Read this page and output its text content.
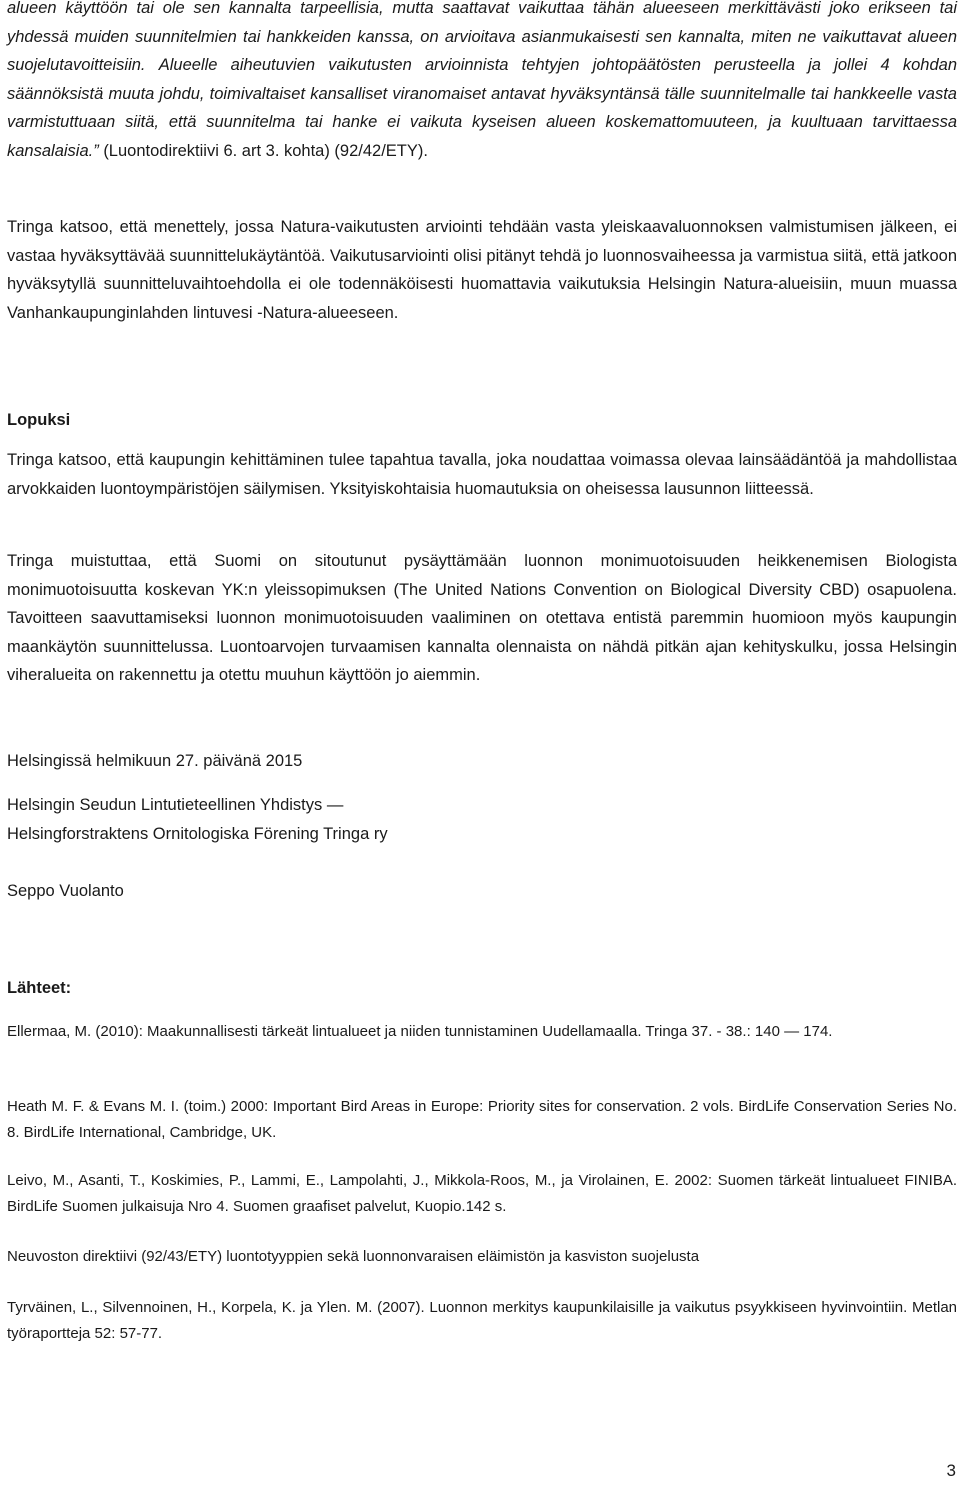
alueen käyttöön tai ole sen kannalta tarpeellisia, mutta saattavat vaikuttaa tähän alueeseen merkittävästi joko erikseen tai yhdessä muiden suunnitelmien tai hankkeiden kanssa, on arvioitava asianmukaisesti sen kannalta, miten ne vaikuttavat alueen suojelutavoitteisiin. Alueelle aiheutuvien vaikutusten arvioinnista tehtyjen johtopäätösten perusteella ja jollei 4 kohdan säännöksistä muuta johdu, toimivaltaiset kansalliset viranomaiset antavat hyväksyntänsä tälle suunnitelmalle tai hankkeelle vasta varmistuttuaan siitä, että suunnitelma tai hanke ei vaikuta kyseisen alueen koskemattomuuteen, ja kuultuaan tarvittaessa kansalaisia.” (Luontodirektiivi 6. art 3. kohta) (92/42/ETY).

Tringa katsoo, että menettely, jossa Natura-vaikutusten arviointi tehdään vasta yleiskaavaluonnoksen valmistumisen jälkeen, ei vastaa hyväksyttävää suunnittelukäytäntöä. Vaikutusarviointi olisi pitänyt tehdä jo luonnosvaiheessa ja varmistua siitä, että jatkoon hyväksytyllä suunnitteluvaihtoehdolla ei ole todennäköisesti huomattavia vaikutuksia Helsingin Natura-alueisiin, muun muassa Vanhankaupunginlahden lintuvesi -Natura-alueeseen.

Lopuksi

Tringa katsoo, että kaupungin kehittäminen tulee tapahtua tavalla, joka noudattaa voimassa olevaa lainsäädäntöä ja mahdollistaa arvokkaiden luontoympäristöjen säilymisen. Yksityiskohtaisia huomautuksia on oheisessa lausunnon liitteessä.

Tringa muistuttaa, että Suomi on sitoutunut pysäyttämään luonnon monimuotoisuuden heikkenemisen Biologista monimuotoisuutta koskevan YK:n yleissopimuksen (The United Nations Convention on Biological Diversity CBD) osapuolena. Tavoitteen saavuttamiseksi luonnon monimuotoisuuden vaaliminen on otettava entistä paremmin huomioon myös kaupungin maankäytön suunnittelussa. Luontoarvojen turvaamisen kannalta olennaista on nähdä pitkän ajan kehityskulku, jossa Helsingin viheralueita on rakennettu ja otettu muuhun käyttöön jo aiemmin.

Helsingissä helmikuun 27. päivänä 2015

Helsingin Seudun Lintutieteellinen Yhdistys —

Helsingforstraktens Ornitologiska Förening Tringa ry

Seppo Vuolanto

Lähteet:

Ellermaa, M. (2010): Maakunnallisesti tärkeät lintualueet ja niiden tunnistaminen Uudellamaalla. Tringa 37. - 38.: 140 — 174.

Heath M. F. & Evans M. I. (toim.) 2000: Important Bird Areas in Europe: Priority sites for conservation. 2 vols. BirdLife Conservation Series No. 8. BirdLife International, Cambridge, UK.

Leivo, M., Asanti, T., Koskimies, P., Lammi, E., Lampolahti, J., Mikkola-Roos, M., ja Virolainen, E. 2002: Suomen tärkeät lintualueet FINIBA. BirdLife Suomen julkaisuja Nro 4. Suomen graafiset palvelut, Kuopio.142 s.

Neuvoston direktiivi (92/43/ETY) luontotyyppien sekä luonnonvaraisen eläimistön ja kasviston suojelusta

Tyrväinen, L., Silvennoinen, H., Korpela, K. ja Ylen. M. (2007). Luonnon merkitys kaupunkilaisille ja vaikutus psyykkiseen hyvinvointiin. Metlan työraportteja 52: 57-77.

3
